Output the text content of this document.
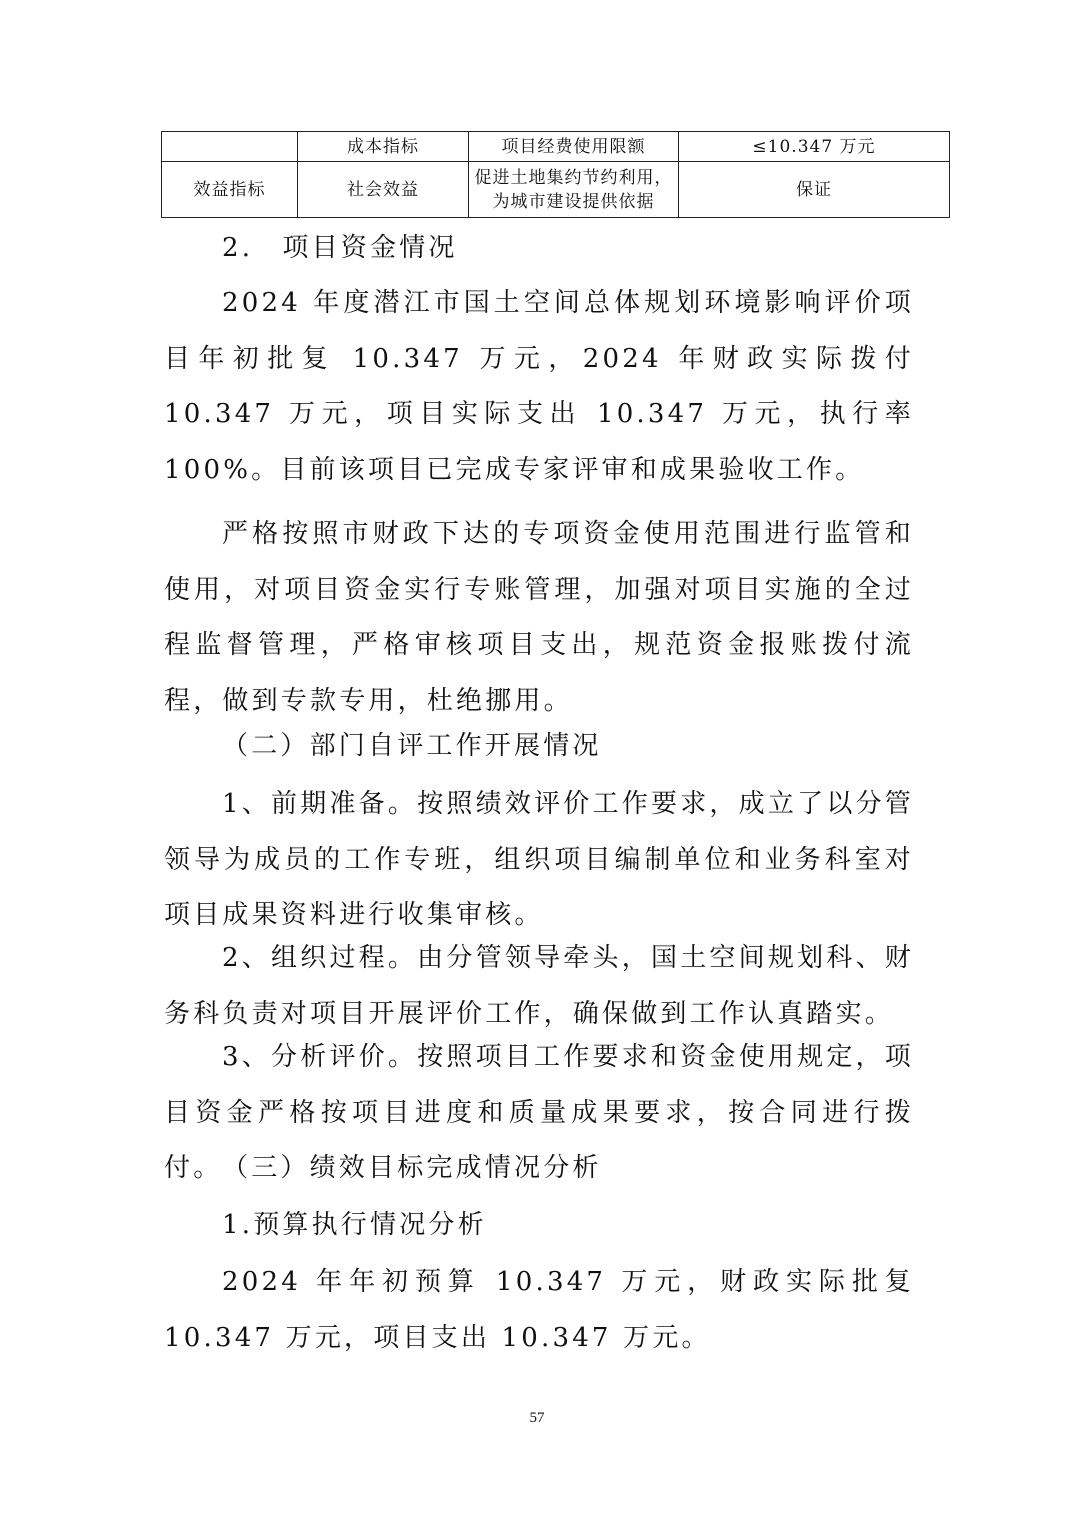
	成本指标	项目经费使用限额	≤10.347 万元
效益指标	社会效益	促进土地集约节约利用，为城市建设提供依据	保证

2.　项目资金情况

2024 年度潜江市国土空间总体规划环境影响评价项目年初批复 10.347 万元，2024 年财政实际拨付 10.347 万元，项目实际支出 10.347 万元，执行率 100%。目前该项目已完成专家评审和成果验收工作。

严格按照市财政下达的专项资金使用范围进行监管和使用，对项目资金实行专账管理，加强对项目实施的全过程监督管理，严格审核项目支出，规范资金报账拨付流程，做到专款专用，杜绝挪用。

（二）部门自评工作开展情况

1、前期准备。按照绩效评价工作要求，成立了以分管领导为成员的工作专班，组织项目编制单位和业务科室对项目成果资料进行收集审核。

2、组织过程。由分管领导牵头，国土空间规划科、财务科负责对项目开展评价工作，确保做到工作认真踏实。

3、分析评价。按照项目工作要求和资金使用规定，项目资金严格按项目进度和质量成果要求，按合同进行拨付。 （三）绩效目标完成情况分析

1.预算执行情况分析

2024 年年初预算 10.347 万元，财政实际批复 10.347 万元，项目支出 10.347 万元。

57
